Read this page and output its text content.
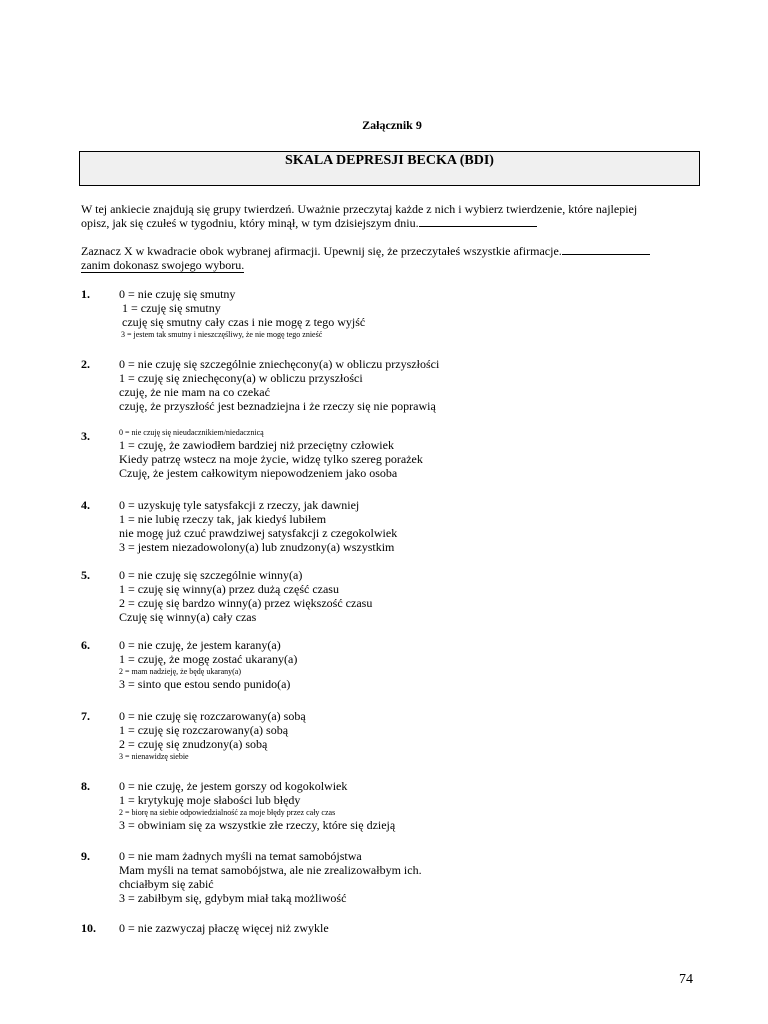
Załącznik 9
SKALA DEPRESJI BECKA (BDI)
W tej ankiecie znajdują się grupy twierdzeń. Uważnie przeczytaj każde z nich i wybierz twierdzenie, które najlepiej
opisz, jak się czułeś w tygodniu, który minął, w tym dzisiejszym dniu.
Zaznacz X w kwadracie obok wybranej afirmacji. Upewnij się, że przeczytałeś wszystkie afirmacje.
zanim dokonasz swojego wyboru.
1. 0 = nie czuję się smutny
1 = czuję się smutny
czuję się smutny cały czas i nie mogę z tego wyjść
3 = jestem tak smutny i nieszczęśliwy, że nie mogę tego znieść
2. 0 = nie czuję się szczególnie zniechęcony(a) w obliczu przyszłości
1 = czuję się zniechęcony(a) w obliczu przyszłości
czuję, że nie mam na co czekać
czuję, że przyszłość jest beznadziejna i że rzeczy się nie poprawią
3.	0 = nie czuję się nieudacznikiem/niedacznicą
1 = czuję, że zawiodłem bardziej niż przeciętny człowiek
Kiedy patrzę wstecz na moje życie, widzę tylko szereg porażek
Czuję, że jestem całkowitym niepowodzeniem jako osoba
4. 0 = uzyskuję tyle satysfakcji z rzeczy, jak dawniej
1 = nie lubię rzeczy tak, jak kiedyś lubiłem
nie mogę już czuć prawdziwej satysfakcji z czegokolwiek
3 = jestem niezadowolony(a) lub znudzony(a) wszystkim
5. 0 = nie czuję się szczególnie winny(a)
1 = czuję się winny(a) przez dużą część czasu
2 = czuję się bardzo winny(a) przez większość czasu
Czuję się winny(a) cały czas
6. 0 = nie czuję, że jestem karany(a)
1 = czuję, że mogę zostać ukarany(a)
2 = mam nadzieję, że będę ukarany(a)
3 = sinto que estou sendo punido(a)
7. 0 = nie czuję się rozczarowany(a) sobą
1 = czuję się rozczarowany(a) sobą
2 = czuję się znudzony(a) sobą
3 = nienawidzę siebie
8. 0 = nie czuję, że jestem gorszy od kogokolwiek
1 = krytykuję moje słabości lub błędy
2 = biorę na siebie odpowiedzialność za moje błędy przez cały czas
3 = obwiniam się za wszystkie złe rzeczy, które się dzieją
9. 0 = nie mam żadnych myśli na temat samobójstwa
Mam myśli na temat samobójstwa, ale nie zrealizowałbym ich.
chciałbym się zabić
3 = zabiłbym się, gdybym miał taką możliwość
10. 0 = nie zazwyczaj płaczę więcej niż zwykle
74
